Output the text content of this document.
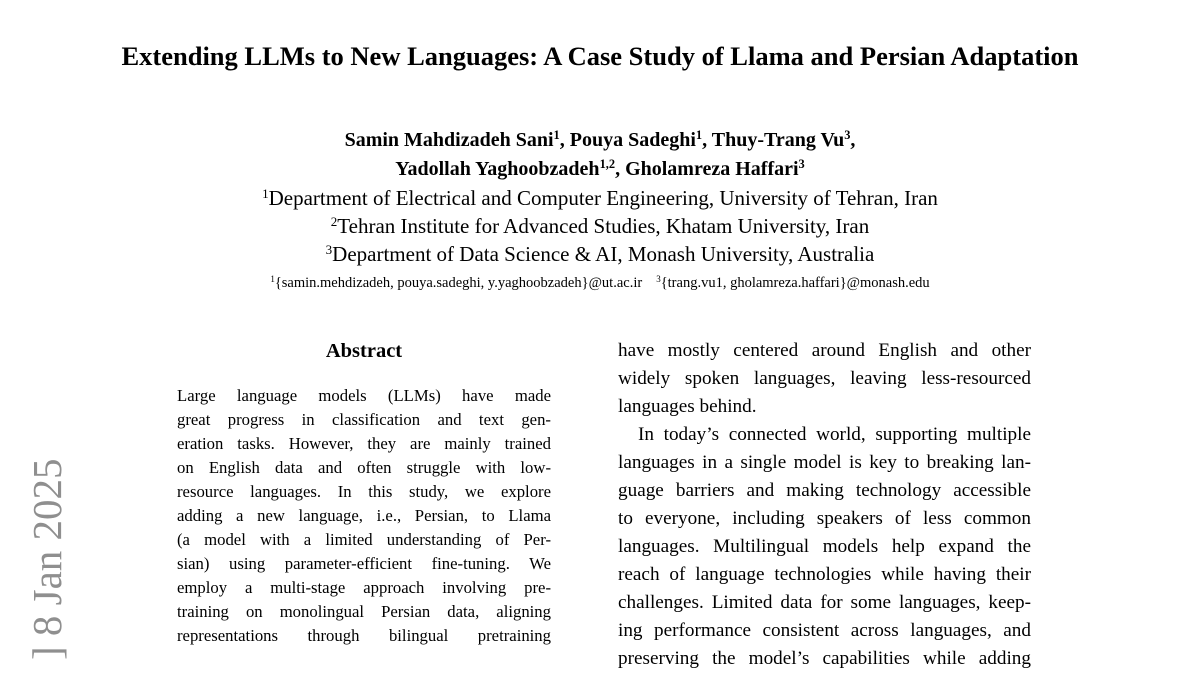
Extending LLMs to New Languages: A Case Study of Llama and Persian Adaptation
Samin Mahdizadeh Sani$^1$, Pouya Sadeghi$^1$, Thuy-Trang Vu$^3$,
Yadollah Yaghoobzadeh$^{1,2}$, Gholamreza Haffari$^3$
$^1$Department of Electrical and Computer Engineering, University of Tehran, Iran
$^2$Tehran Institute for Advanced Studies, Khatam University, Iran
$^3$Department of Data Science & AI, Monash University, Australia
$^1${samin.mehdizadeh, pouya.sadeghi, y.yaghoobzadeh}@ut.ac.ir $^3${trang.vu1, gholamreza.haffari}@monash.edu
Abstract
Large language models (LLMs) have made
great progress in classification and text gen-
eration tasks. However, they are mainly trained
on English data and often struggle with low-
resource languages. In this study, we explore
adding a new language, i.e., Persian, to Llama
(a model with a limited understanding of Per-
sian) using parameter-efficient fine-tuning. We
employ a multi-stage approach involving pre-
training on monolingual Persian data, aligning
representations through bilingual pretraining
have mostly centered around English and other
widely spoken languages, leaving less-resourced
languages behind.
In today’s connected world, supporting multiple
languages in a single model is key to breaking lan-
guage barriers and making technology accessible
to everyone, including speakers of less common
languages. Multilingual models help expand the
reach of language technologies while having their
challenges. Limited data for some languages, keep-
ing performance consistent across languages, and
preserving the model’s capabilities while adding
] 8 Jan 2025
